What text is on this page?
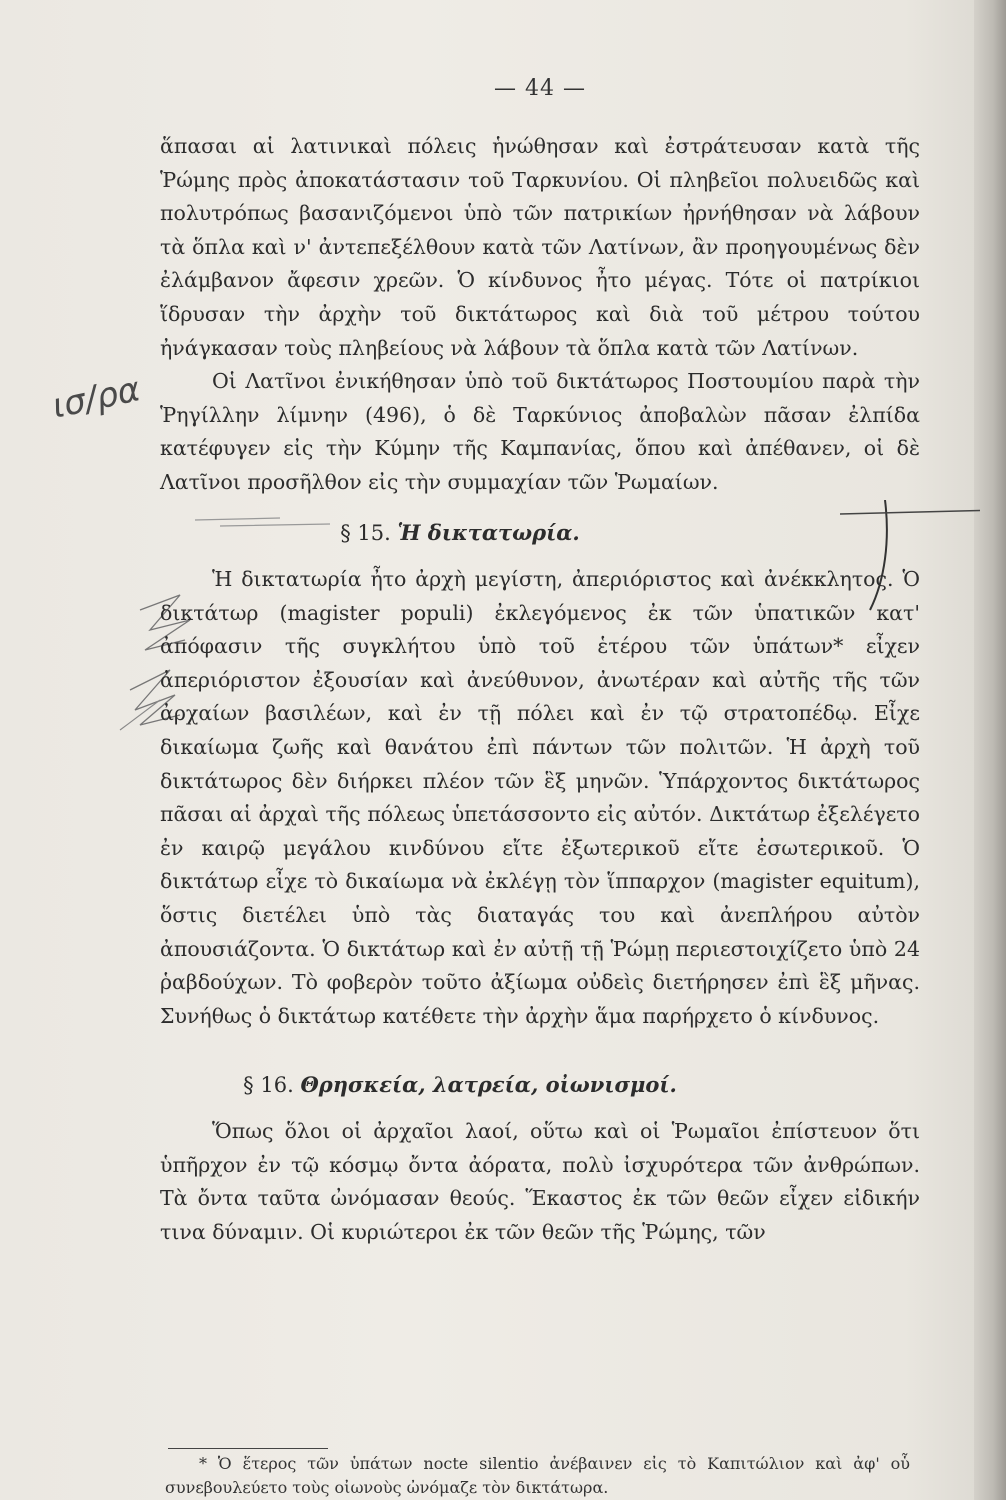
— 44 —
ισ/ρα

ἅπασαι αἱ λατινικαὶ πόλεις ἡνώθησαν καὶ ἐστράτευσαν κατὰ τῆς Ῥώμης πρὸς ἀποκατάστασιν τοῦ Ταρκυνίου. Οἱ πληβεῖοι πολυειδῶς καὶ πολυτρόπως βασανιζόμενοι ὑπὸ τῶν πατρικίων ἠρνήθησαν νὰ λάβουν τὰ ὅπλα καὶ ν' ἀντεπεξέλθουν κατὰ τῶν Λατίνων, ἂν προηγουμένως δὲν ἐλάμβανον ἄφεσιν χρεῶν. Ὁ κίνδυνος ἦτο μέγας. Τότε οἱ πατρίκιοι ἵδρυσαν τὴν ἀρχὴν τοῦ δικτάτωρος καὶ διὰ τοῦ μέτρου τούτου ἠνάγκασαν τοὺς πληβείους νὰ λάβουν τὰ ὅπλα κατὰ τῶν Λατίνων.

Οἱ Λατῖνοι ἐνικήθησαν ὑπὸ τοῦ δικτάτωρος Ποστουμίου παρὰ τὴν Ῥηγίλλην λίμνην (496), ὁ δὲ Ταρκύνιος ἀποβαλὼν πᾶσαν ἐλπίδα κατέφυγεν εἰς τὴν Κύμην τῆς Καμπανίας, ὅπου καὶ ἀπέθανεν, οἱ δὲ Λατῖνοι προσῆλθον εἰς τὴν συμμαχίαν τῶν Ῥωμαίων.

§ 15. Ἡ δικτατωρία.

Ἡ δικτατωρία ἦτο ἀρχὴ μεγίστη, ἀπεριόριστος καὶ ἀνέκκλητος. Ὁ δικτάτωρ (magister populi) ἐκλεγόμενος ἐκ τῶν ὑπατικῶν κατ' ἀπόφασιν τῆς συγκλήτου ὑπὸ τοῦ ἑτέρου τῶν ὑπάτων* εἶχεν ἀπεριόριστον ἐξουσίαν καὶ ἀνεύθυνον, ἀνωτέραν καὶ αὐτῆς τῆς τῶν ἀρχαίων βασιλέων, καὶ ἐν τῇ πόλει καὶ ἐν τῷ στρατοπέδῳ. Εἶχε δικαίωμα ζωῆς καὶ θανάτου ἐπὶ πάντων τῶν πολιτῶν. Ἡ ἀρχὴ τοῦ δικτάτωρος δὲν διήρκει πλέον τῶν ἓξ μηνῶν. Ὑπάρχοντος δικτάτωρος πᾶσαι αἱ ἀρχαὶ τῆς πόλεως ὑπετάσσοντο εἰς αὐτόν. Δικτάτωρ ἐξελέγετο ἐν καιρῷ μεγάλου κινδύνου εἴτε ἐξωτερικοῦ εἴτε ἐσωτερικοῦ. Ὁ δικτάτωρ εἶχε τὸ δικαίωμα νὰ ἐκλέγῃ τὸν ἵππαρχον (magister equitum), ὅστις διετέλει ὑπὸ τὰς διαταγάς του καὶ ἀνεπλήρου αὐτὸν ἀπουσιάζοντα. Ὁ δικτάτωρ καὶ ἐν αὐτῇ τῇ Ῥώμῃ περιεστοιχίζετο ὑπὸ 24 ῥαβδούχων. Τὸ φοβερὸν τοῦτο ἀξίωμα οὐδεὶς διετήρησεν ἐπὶ ἓξ μῆνας. Συνήθως ὁ δικτάτωρ κατέθετε τὴν ἀρχὴν ἅμα παρήρχετο ὁ κίνδυνος.

§ 16. Θρησκεία, λατρεία, οἰωνισμοί.

Ὅπως ὅλοι οἱ ἀρχαῖοι λαοί, οὕτω καὶ οἱ Ῥωμαῖοι ἐπίστευον ὅτι ὑπῆρχον ἐν τῷ κόσμῳ ὄντα ἀόρατα, πολὺ ἰσχυρότερα τῶν ἀνθρώπων. Τὰ ὄντα ταῦτα ὠνόμασαν θεούς. Ἕκαστος ἐκ τῶν θεῶν εἶχεν εἰδικήν τινα δύναμιν. Οἱ κυριώτεροι ἐκ τῶν θεῶν τῆς Ῥώμης, τῶν

* Ὁ ἕτερος τῶν ὑπάτων nocte silentio ἀνέβαινεν εἰς τὸ Καπιτώλιον καὶ ἀφ' οὗ συνεβουλεύετο τοὺς οἰωνοὺς ὠνόμαζε τὸν δικτάτωρα.
